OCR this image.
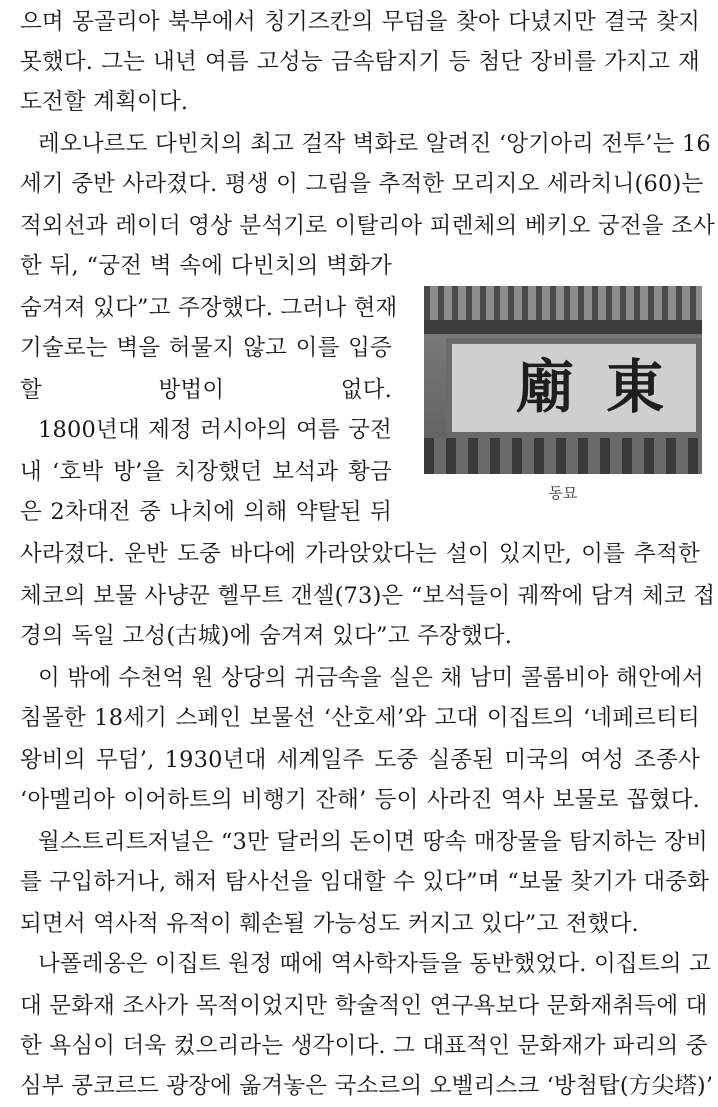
으며 몽골리아 북부에서 칭기즈칸의 무덤을 찾아 다녔지만 결국 찾지
못했다. 그는 내년 여름 고성능 금속탐지기 등 첨단 장비를 가지고 재
도전할 계획이다.
레오나르도 다빈치의 최고 걸작 벽화로 알려진 ‘앙기아리 전투’는 16
세기 중반 사라졌다. 평생 이 그림을 추적한 모리지오 세라치니(60)는
적외선과 레이더 영상 분석기로 이탈리아 피렌체의 베키오 궁전을 조사
한 뒤, “궁전 벽 속에 다빈치의 벽화가
숨겨져 있다”고 주장했다. 그러나 현재
기술로는 벽을 허물지 않고 이를 입증
할 방법이 없다.
1800년대 제정 러시아의 여름 궁전
내 ‘호박 방’을 치장했던 보석과 황금
은 2차대전 중 나치에 의해 약탈된 뒤
사라졌다. 운반 도중 바다에 가라앉았다는 설이 있지만, 이를 추적한
체코의 보물 사냥꾼 헬무트 갠셀(73)은 “보석들이 궤짝에 담겨 체코 접
경의 독일 고성(古城)에 숨겨져 있다”고 주장했다.
이 밖에 수천억 원 상당의 귀금속을 실은 채 남미 콜롬비아 해안에서
침몰한 18세기 스페인 보물선 ‘산호세’와 고대 이집트의 ‘네페르티티
왕비의 무덤’, 1930년대 세계일주 도중 실종된 미국의 여성 조종사
‘아멜리아 이어하트의 비행기 잔해’ 등이 사라진 역사 보물로 꼽혔다.
월스트리트저널은 “3만 달러의 돈이면 땅속 매장물을 탐지하는 장비
를 구입하거나, 해저 탐사선을 임대할 수 있다”며 “보물 찾기가 대중화
되면서 역사적 유적이 훼손될 가능성도 커지고 있다”고 전했다.
나폴레옹은 이집트 원정 때에 역사학자들을 동반했었다. 이집트의 고
대 문화재 조사가 목적이었지만 학술적인 연구욕보다 문화재취득에 대
한 욕심이 더욱 컸으리라는 생각이다. 그 대표적인 문화재가 파리의 중
심부 콩코르드 광장에 옮겨놓은 국소르의 오벨리스크 ‘방첨탑(方尖塔)’
廟 東
동묘
